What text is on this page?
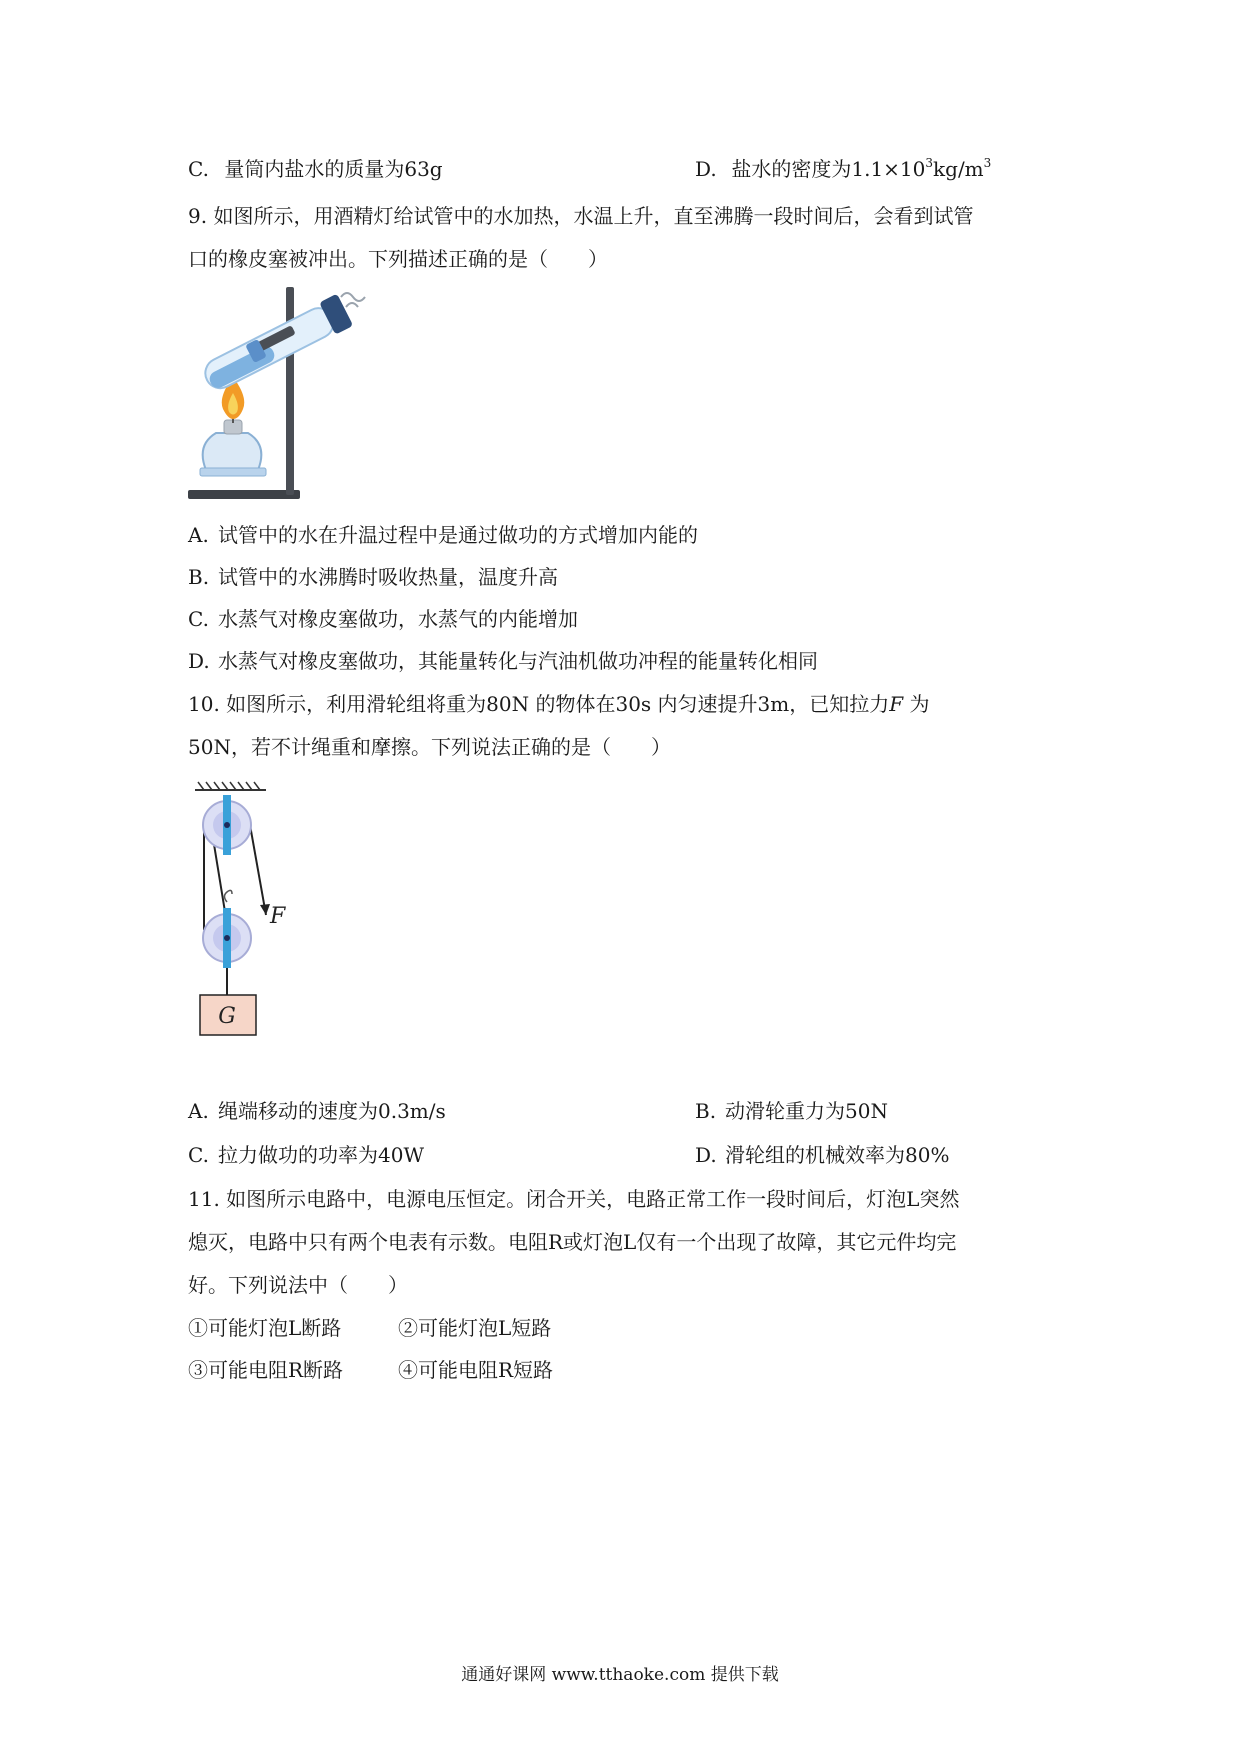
C. 量筒内盐水的质量为63g	D. 盐水的密度为$1.1\times 10^3kg/m^3$
9. 如图所示，用酒精灯给试管中的水加热，水温上升，直至沸腾一段时间后，会看到试管
口的橡皮塞被冲出。下列描述正确的是（　　）
A. 试管中的水在升温过程中是通过做功的方式增加内能的
B. 试管中的水沸腾时吸收热量，温度升高
C. 水蒸气对橡皮塞做功，水蒸气的内能增加
D. 水蒸气对橡皮塞做功，其能量转化与汽油机做功冲程的能量转化相同
10. 如图所示，利用滑轮组将重为80N 的物体在30s 内匀速提升3m，已知拉力F 为
50N，若不计绳重和摩擦。下列说法正确的是（　　）
G
F
A. 绳端移动的速度为0.3m/s	B. 动滑轮重力为50N
C. 拉力做功的功率为40W	D. 滑轮组的机械效率为80%
11. 如图所示电路中，电源电压恒定。闭合开关，电路正常工作一段时间后，灯泡L突然
熄灭，电路中只有两个电表有示数。电阻R或灯泡L仅有一个出现了故障，其它元件均完
好。下列说法中（　　）
①可能灯泡L断路	②可能灯泡L短路
③可能电阻R断路	④可能电阻R短路
通通好课网 www.tthaoke.com 提供下载
